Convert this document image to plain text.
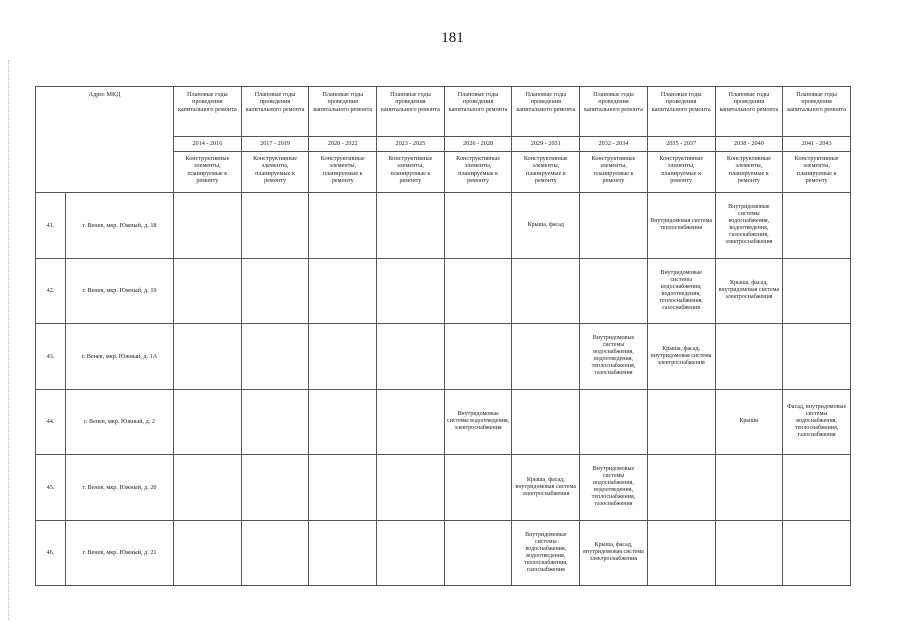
181
Адрес МКД		Плановые годы проведения капитального ремонта	Плановые годы проведения капитального ремонта	Плановые годы проведения капитального ремонта	Плановые годы проведения капитального ремонта	Плановые годы проведения капитального ремонта	Плановые годы проведения капитального ремонта	Плановые годы проведения капитального ремонта	Плановые годы проведения капитального ремонта	Плановые годы проведения капитального ремонта	Плановые годы проведения капитального ремонта
		2014 - 2016	2017 - 2019	2020 - 2022	2023 - 2025	2026 - 2028	2029 - 2031	2032 - 2034	2035 - 2037	2038 - 2040	2041 - 2043
		Конструктивные элементы, планируемые к ремонту	Конструктивные элементы, планируемые к ремонту	Конструктивные элементы, планируемые к ремонту	Конструктивные элементы, планируемые к ремонту	Конструктивные элементы, планируемые к ремонту	Конструктивные элементы, планируемые к ремонту	Конструктивные элементы, планируемые к ремонту	Конструктивные элементы, планируемые к ремонту	Конструктивные элементы, планируемые к ремонту	Конструктивные элементы, планируемые к ремонту
41.	г. Венев, мкр. Южный, д. 18						Крыша, фасад		Внутридомовая система теплоснабжения	Внутридомовые системы водоснабжения, водоотведения, газоснабжения, электроснабжения	
42.	г. Венев, мкр. Южный, д. 19								Внутридомовые системы водоснабжения, водоотведения, теплоснабжения, газоснабжения	Крыша, фасад, внутридомовая система электроснабжения	
43.	г. Венев, мкр. Южный, д. 1А							Внутридомовые системы водоснабжения, водоотведения, теплоснабжения, газоснабжения	Крыша, фасад, внутридомовая система электроснабжения		
44.	г. Венев, мкр. Южный, д. 2					Внутридомовые системы водоотведения, электроснабжения				Крыши	Фасад, внутридомовые системы водоснабжения, теплоснабжения, газоснабжения
45.	г. Венев, мкр. Южный, д. 20						Крыша, фасад, внутридомовая система электроснабжения	Внутридомовые системы водоснабжения, водоотведения, теплоснабжения, газоснабжения			
46.	г. Венев, мкр. Южный, д. 21						Внутридомовые системы водоснабжения, водоотведения, теплоснабжения, газоснабжения	Крыша, фасад, внутридомовая система электроснабжения			
